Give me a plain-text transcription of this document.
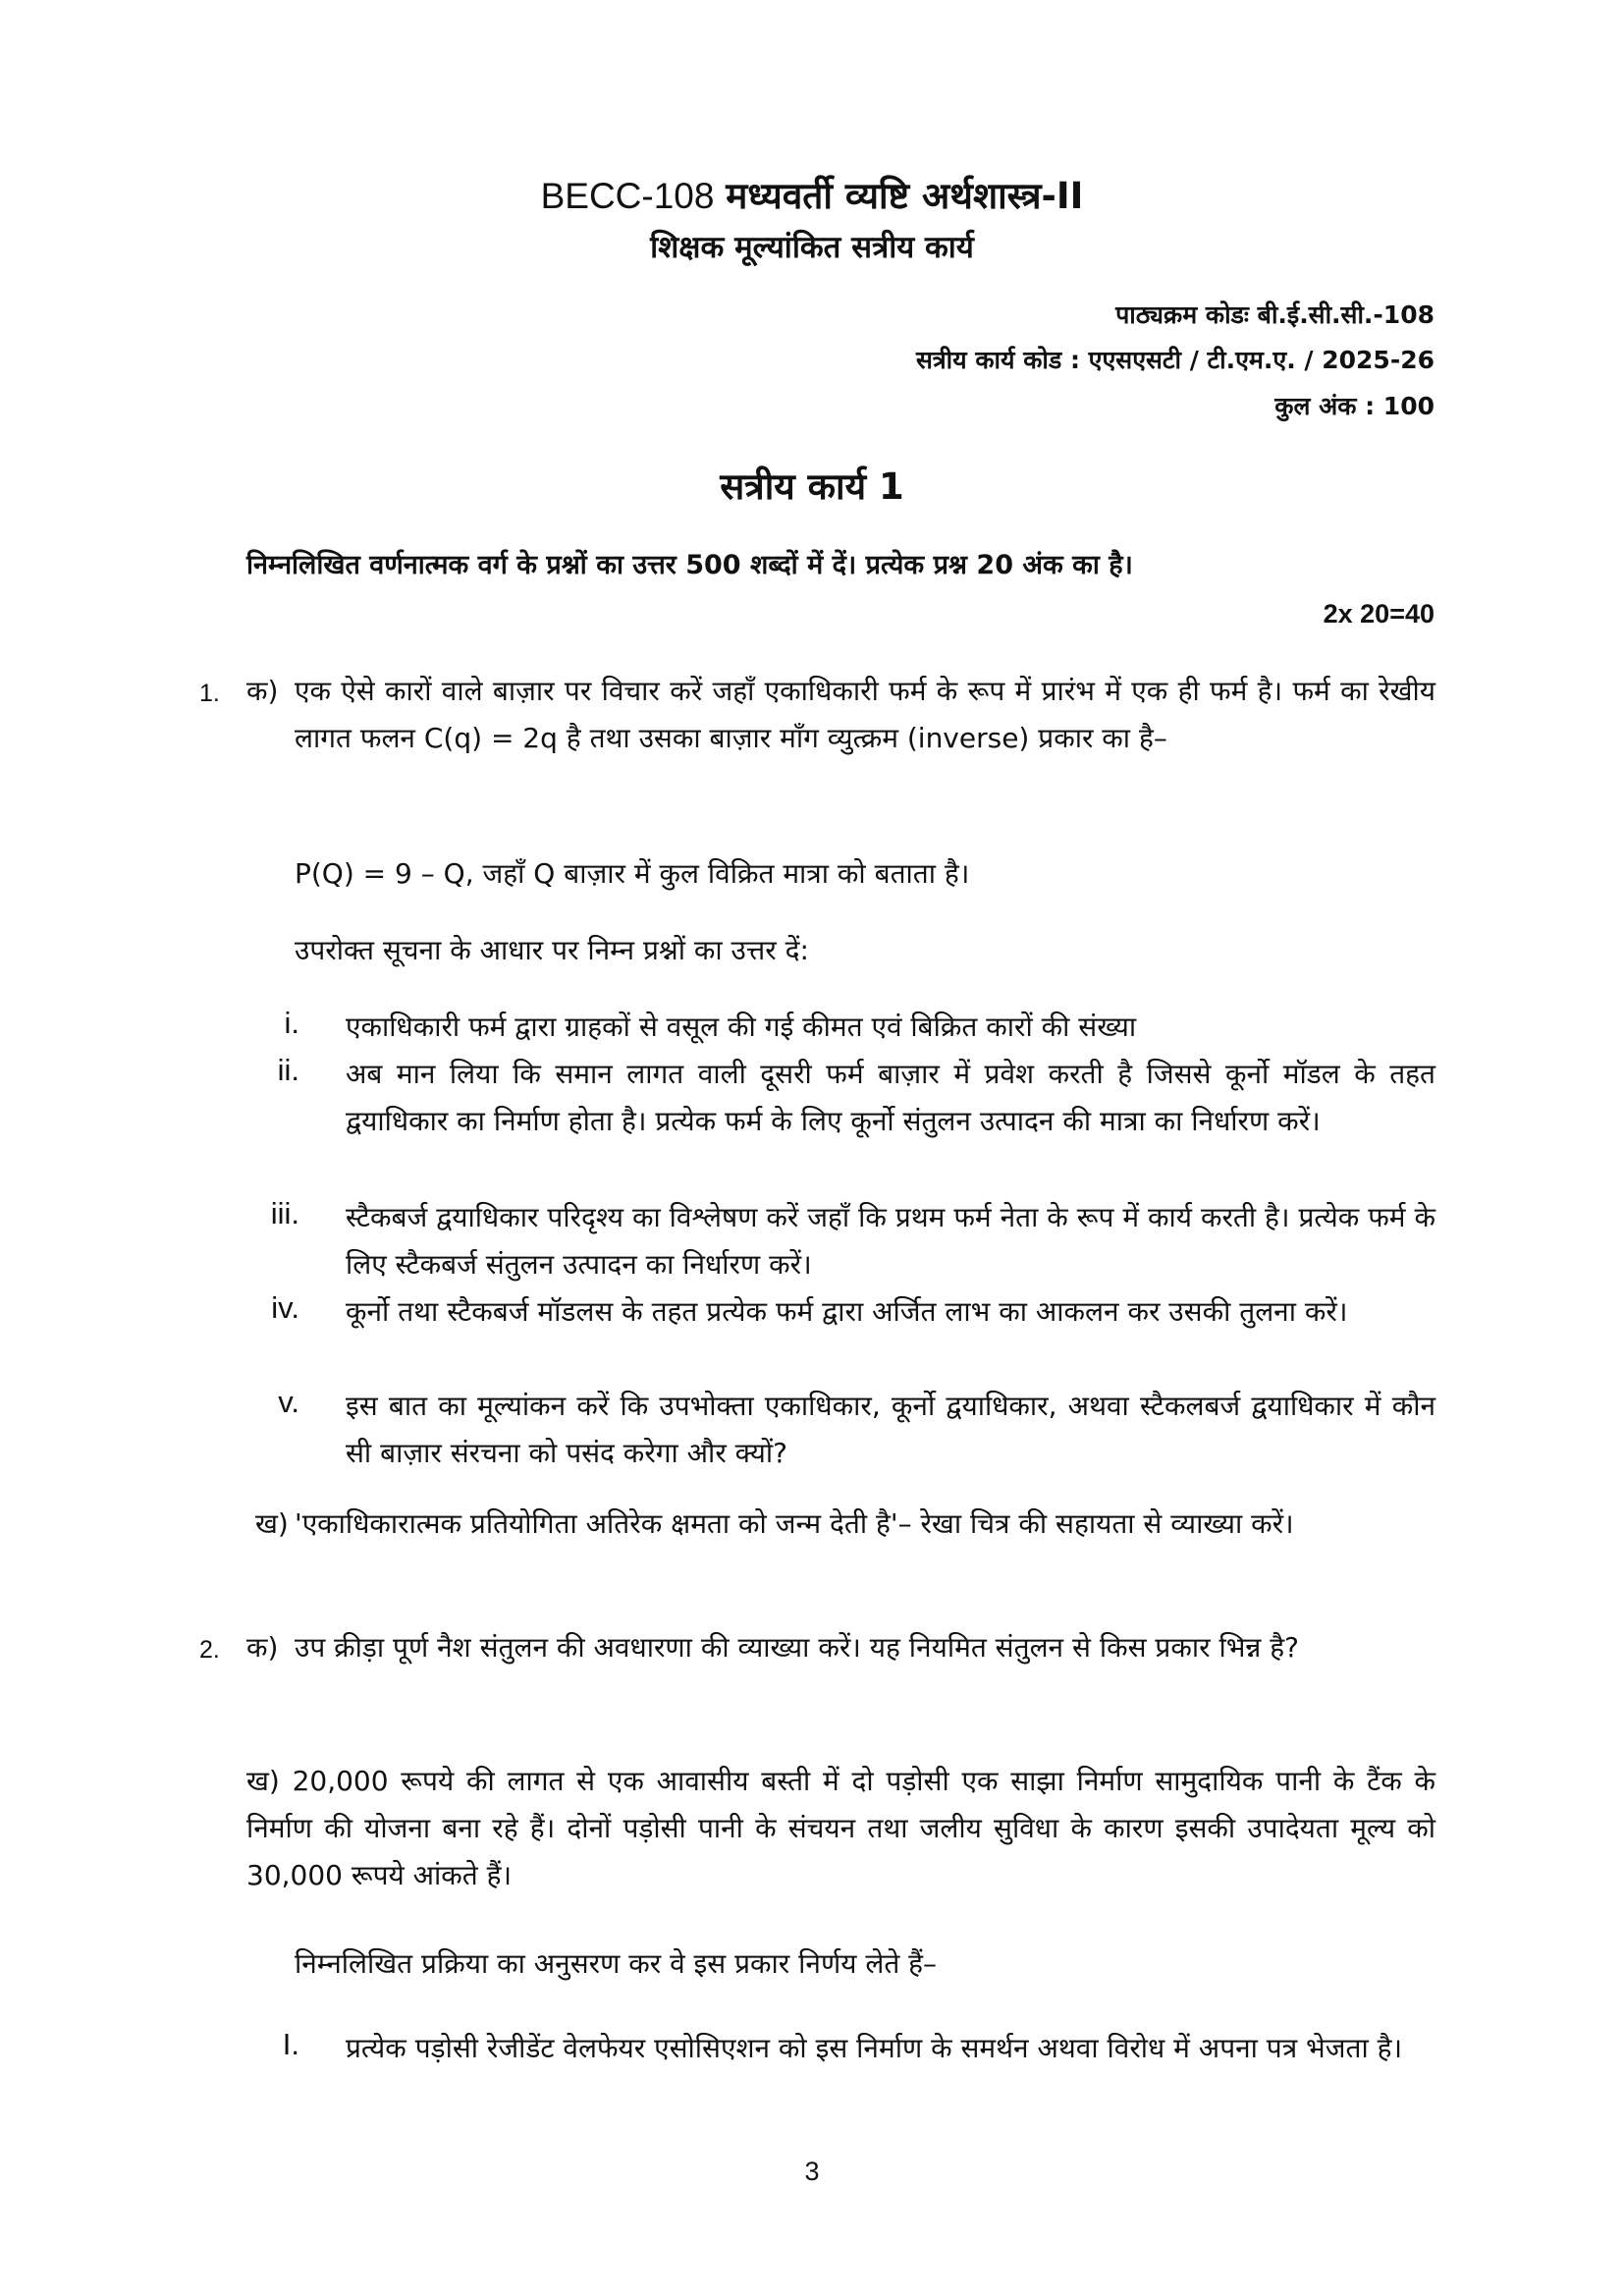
BECC-108 मध्यवर्ती व्यष्टि अर्थशास्त्र-II
शिक्षक मूल्यांकित सत्रीय कार्य
पाठ्यक्रम कोडः बी.ई.सी.सी.-108
सत्रीय कार्य कोड : एएसएसटी / टी.एम.ए. / 2025-26
कुल अंक : 100
सत्रीय कार्य 1
निम्नलिखित वर्णनात्मक वर्ग के प्रश्नों का उत्तर 500 शब्दों में दें। प्रत्येक प्रश्न 20 अंक का है।
2x 20=40
1. क) एक ऐसे कारों वाले बाज़ार पर विचार करें जहाँ एकाधिकारी फर्म के रूप में प्रारंभ में एक ही फर्म है। फर्म का रेखीय लागत फलन C(q) = 2q है तथा उसका बाज़ार माँग व्युत्क्रम (inverse) प्रकार का है–
P(Q) = 9 – Q, जहाँ Q बाज़ार में कुल विक्रित मात्रा को बताता है।
उपरोक्त सूचना के आधार पर निम्न प्रश्नों का उत्तर दें:
i. एकाधिकारी फर्म द्वारा ग्राहकों से वसूल की गई कीमत एवं बिक्रित कारों की संख्या
ii. अब मान लिया कि समान लागत वाली दूसरी फर्म बाज़ार में प्रवेश करती है जिससे कूर्नो मॉडल के तहत द्वयाधिकार का निर्माण होता है। प्रत्येक फर्म के लिए कूर्नो संतुलन उत्पादन की मात्रा का निर्धारण करें।
iii. स्टैकबर्ज द्वयाधिकार परिदृश्य का विश्लेषण करें जहाँ कि प्रथम फर्म नेता के रूप में कार्य करती है। प्रत्येक फर्म के लिए स्टैकबर्ज संतुलन उत्पादन का निर्धारण करें।
iv. कूर्नो तथा स्टैकबर्ज मॉडलस के तहत प्रत्येक फर्म द्वारा अर्जित लाभ का आकलन कर उसकी तुलना करें।
v. इस बात का मूल्यांकन करें कि उपभोक्ता एकाधिकार, कूर्नो द्वयाधिकार, अथवा स्टैकलबर्ज द्वयाधिकार में कौन सी बाज़ार संरचना को पसंद करेगा और क्यों?
ख) 'एकाधिकारात्मक प्रतियोगिता अतिरेक क्षमता को जन्म देती है'– रेखा चित्र की सहायता से व्याख्या करें।
2. क) उप क्रीड़ा पूर्ण नैश संतुलन की अवधारणा की व्याख्या करें। यह नियमित संतुलन से किस प्रकार भिन्न है?
ख) 20,000 रूपये की लागत से एक आवासीय बस्ती में दो पड़ोसी एक साझा निर्माण सामुदायिक पानी के टैंक के निर्माण की योजना बना रहे हैं। दोनों पड़ोसी पानी के संचयन तथा जलीय सुविधा के कारण इसकी उपादेयता मूल्य को 30,000 रूपये आंकते हैं।
निम्नलिखित प्रक्रिया का अनुसरण कर वे इस प्रकार निर्णय लेते हैं–
I. प्रत्येक पड़ोसी रेजीडेंट वेलफेयर एसोसिएशन को इस निर्माण के समर्थन अथवा विरोध में अपना पत्र भेजता है।
3
